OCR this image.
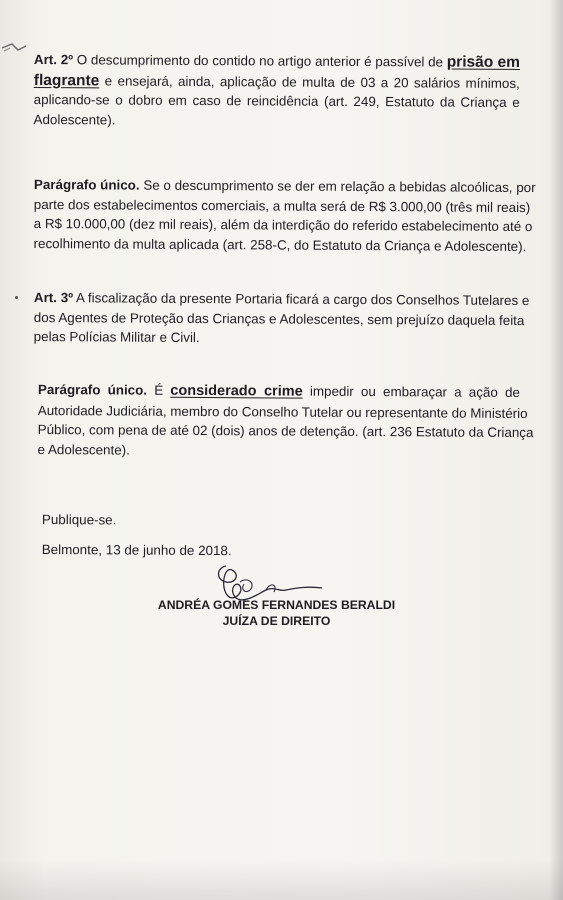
Art. 2º O descumprimento do contido no artigo anterior é passível de prisão em
flagrante e ensejará, ainda, aplicação de multa de 03 a 20 salários mínimos,
aplicando-se o dobro em caso de reincidência (art. 249, Estatuto da Criança e
Adolescente).
Parágrafo único. Se o descumprimento se der em relação a bebidas alcoólicas, por
parte dos estabelecimentos comerciais, a multa será de R$ 3.000,00 (três mil reais)
a R$ 10.000,00 (dez mil reais), além da interdição do referido estabelecimento até o
recolhimento da multa aplicada (art. 258-C, do Estatuto da Criança e Adolescente).
Art. 3º A fiscalização da presente Portaria ficará a cargo dos Conselhos Tutelares e
dos Agentes de Proteção das Crianças e Adolescentes, sem prejuízo daquela feita
pelas Polícias Militar e Civil.
Parágrafo único. É considerado crime impedir ou embaraçar a ação de
Autoridade Judiciária, membro do Conselho Tutelar ou representante do Ministério
Público, com pena de até 02 (dois) anos de detenção. (art. 236 Estatuto da Criança
e Adolescente).
Publique-se.
Belmonte, 13 de junho de 2018.
ANDRÉA GOMES FERNANDES BERALDI
JUÍZA DE DIREITO
